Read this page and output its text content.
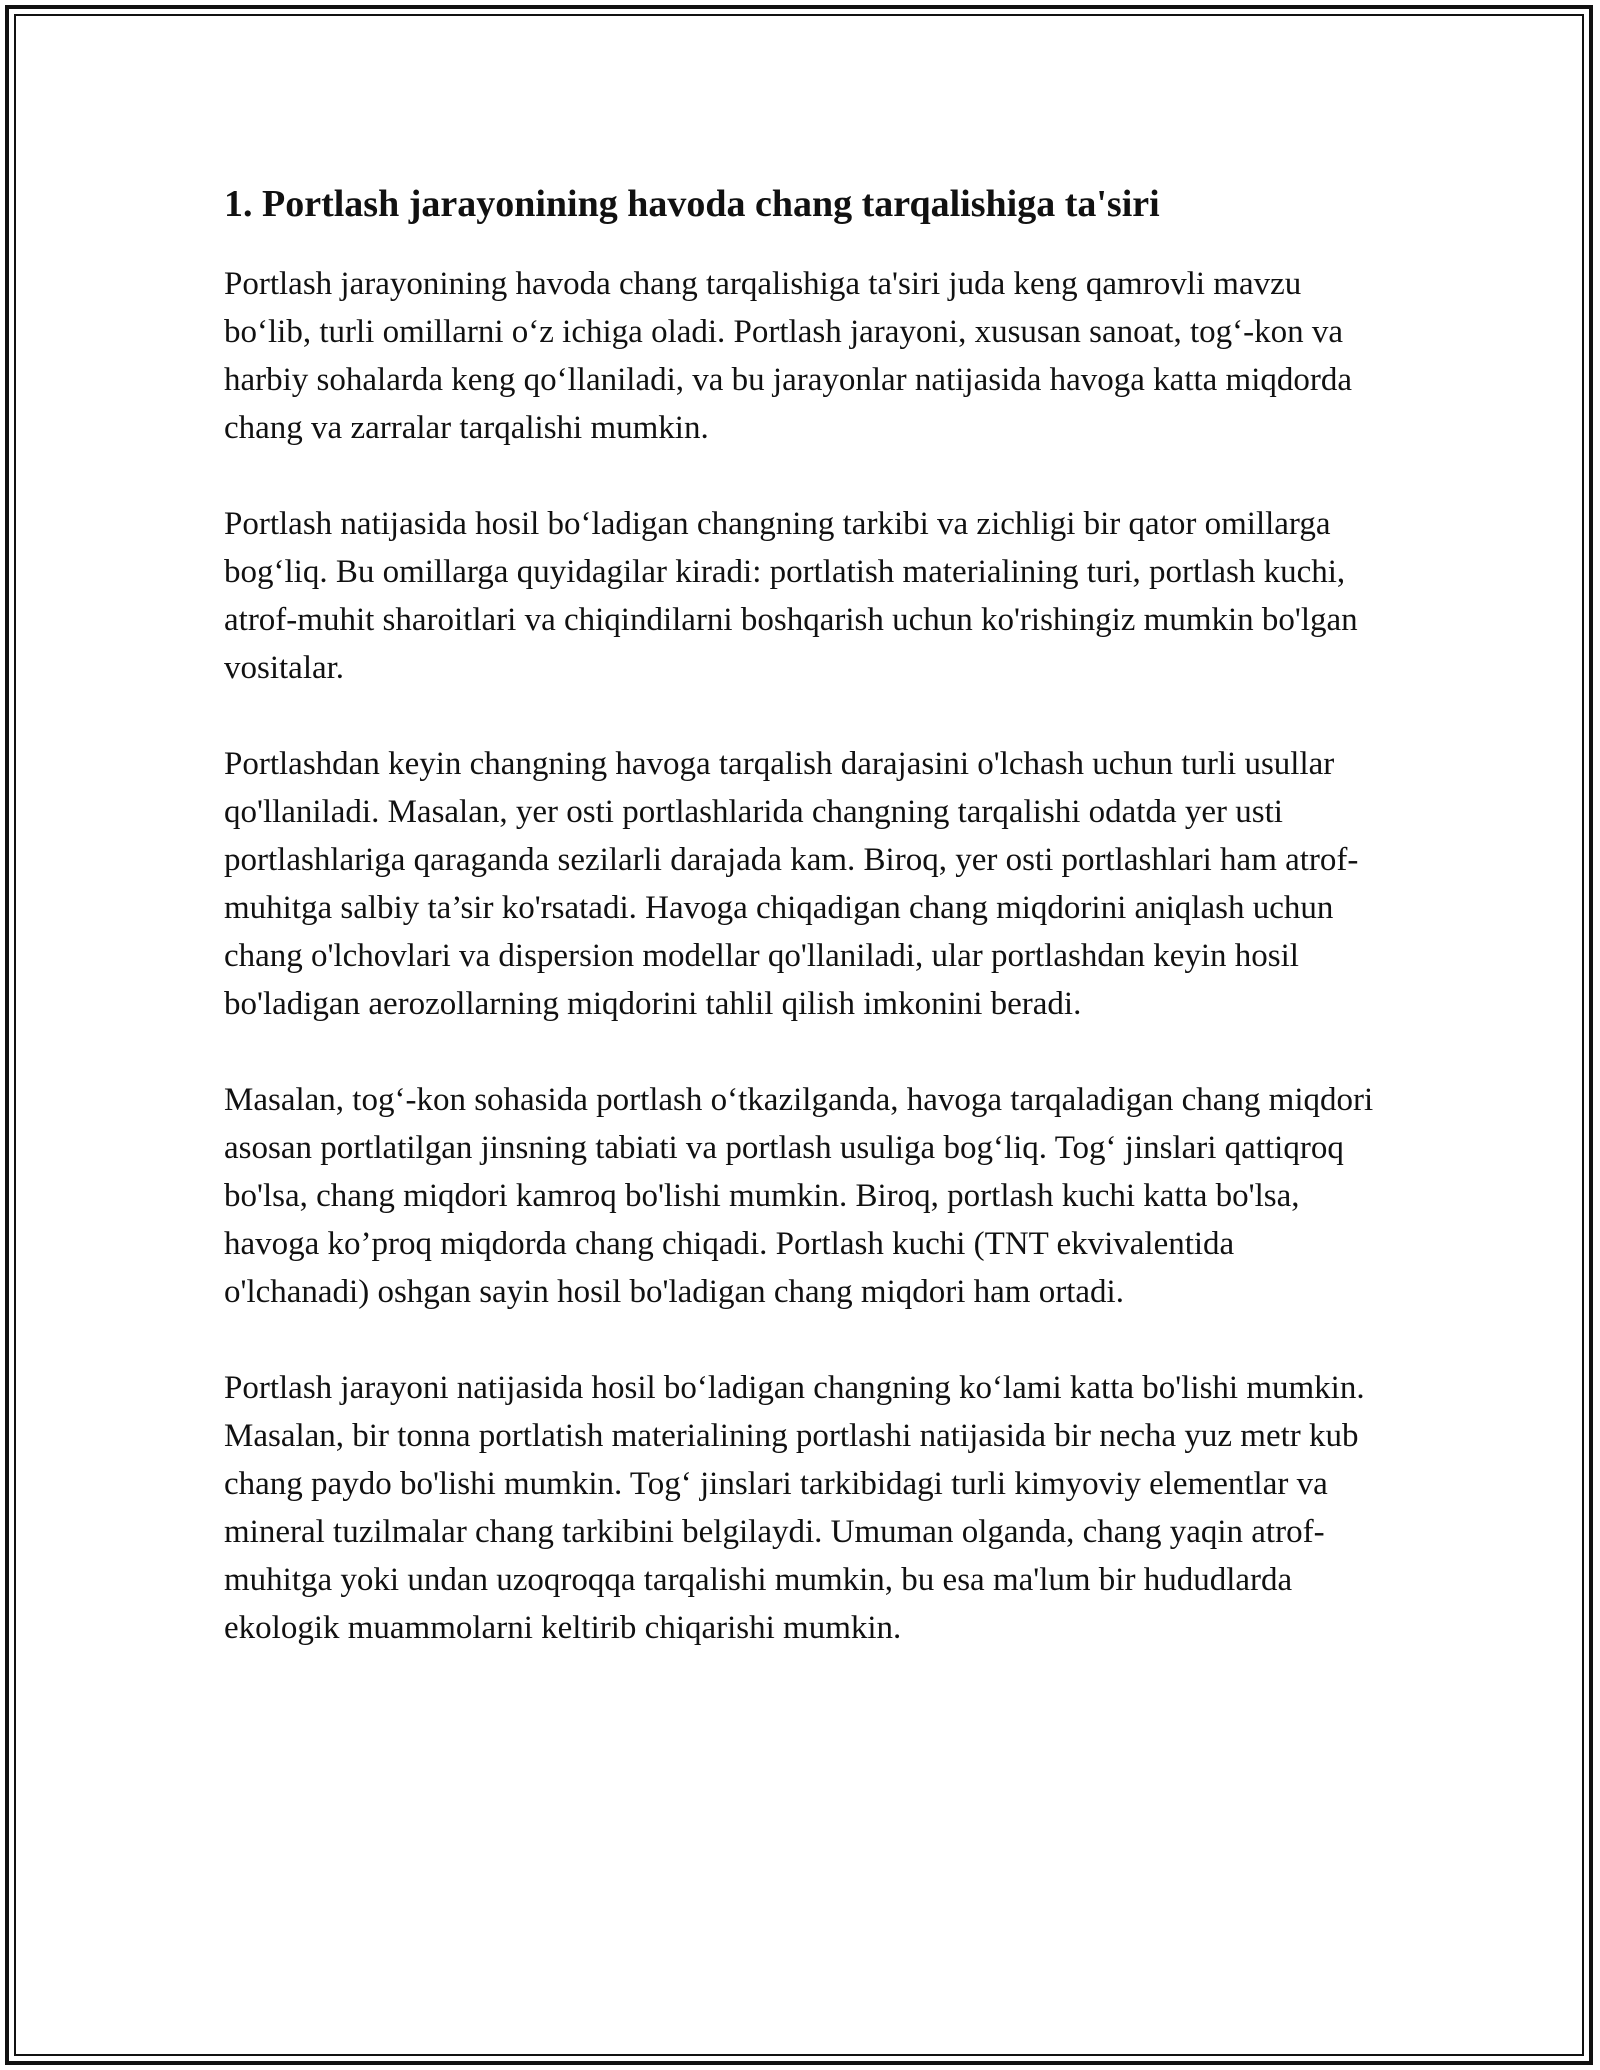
1. Portlash jarayonining havoda chang tarqalishiga ta'siri

Portlash jarayonining havoda chang tarqalishiga ta'siri juda keng qamrovli mavzu bo‘lib, turli omillarni o‘z ichiga oladi. Portlash jarayoni, xususan sanoat, tog‘-kon va harbiy sohalarda keng qo‘llaniladi, va bu jarayonlar natijasida havoga katta miqdorda chang va zarralar tarqalishi mumkin.

Portlash natijasida hosil bo‘ladigan changning tarkibi va zichligi bir qator omillarga bog‘liq. Bu omillarga quyidagilar kiradi: portlatish materialining turi, portlash kuchi, atrof-muhit sharoitlari va chiqindilarni boshqarish uchun ko'rishingiz mumkin bo'lgan vositalar.

Portlashdan keyin changning havoga tarqalish darajasini o'lchash uchun turli usullar qo'llaniladi. Masalan, yer osti portlashlarida changning tarqalishi odatda yer usti portlashlariga qaraganda sezilarli darajada kam. Biroq, yer osti portlashlari ham atrof-muhitga salbiy ta’sir ko'rsatadi. Havoga chiqadigan chang miqdorini aniqlash uchun chang o'lchovlari va dispersion modellar qo'llaniladi, ular portlashdan keyin hosil bo'ladigan aerozollarning miqdorini tahlil qilish imkonini beradi.

Masalan, tog‘-kon sohasida portlash o‘tkazilganda, havoga tarqaladigan chang miqdori asosan portlatilgan jinsning tabiati va portlash usuliga bog‘liq. Tog‘ jinslari qattiqroq bo'lsa, chang miqdori kamroq bo'lishi mumkin. Biroq, portlash kuchi katta bo'lsa, havoga ko’proq miqdorda chang chiqadi. Portlash kuchi (TNT ekvivalentida o'lchanadi) oshgan sayin hosil bo'ladigan chang miqdori ham ortadi.

Portlash jarayoni natijasida hosil bo‘ladigan changning ko‘lami katta bo'lishi mumkin. Masalan, bir tonna portlatish materialining portlashi natijasida bir necha yuz metr kub chang paydo bo'lishi mumkin. Tog‘ jinslari tarkibidagi turli kimyoviy elementlar va mineral tuzilmalar chang tarkibini belgilaydi. Umuman olganda, chang yaqin atrof-muhitga yoki undan uzoqroqqa tarqalishi mumkin, bu esa ma'lum bir hududlarda ekologik muammolarni keltirib chiqarishi mumkin.
